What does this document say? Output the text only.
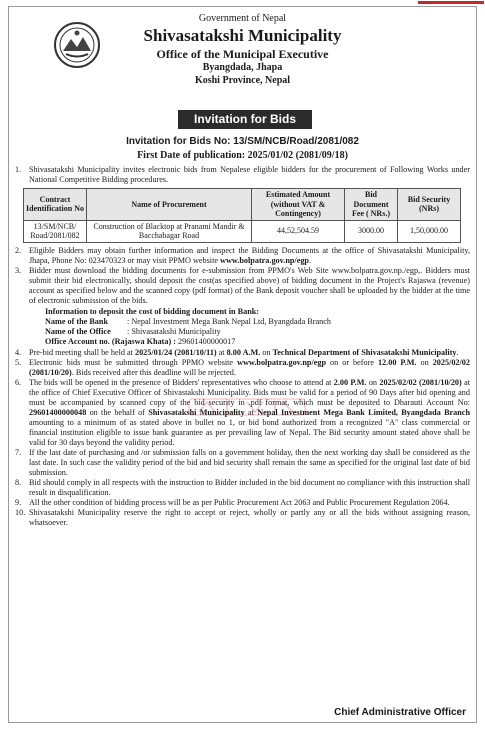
Government of Nepal
Shivasatakshi Municipality
Office of the Municipal Executive
Byangdada, Jhapa
Koshi Province, Nepal
Invitation for Bids
Invitation for Bids No: 13/SM/NCB/Road/2081/082
First Date of publication: 2025/01/02 (2081/09/18)
1. Shivasatakshi Municipality invites electronic bids from Nepalese eligible bidders for the procurement of Following Works under National Competitive Bidding procedures.
Contract Identification No	Name of Procurement	Estimated Amount (without VAT & Contingency)	Bid Document Fee ( NRs.)	Bid Security (NRs)
13/SM/NCB/ Road/2081/082	Construction of Blacktop at Pranami Mandir & Bacchabagar Road	44,52,504.59	3000.00	1,50,000.00
2. Eligible Bidders may obtain further information and inspect the Bidding Documents at the office of Shivasatakshi Municipality, Jhapa, Phone No: 023470323 or may visit PPMO website www.bolpatra.gov.np/egp.
3. Bidder must download the bidding documents for e-submission from PPMO's Web Site www.bolpatra.gov.np./egp,. Bidders must submit their bid electronically, should deposit the cost(as specified above) of bidding document in the Project's Rajaswa (revenue) account as specified below and the scanned copy (pdf format) of the Bank deposit voucher shall be uploaded by the bidder at the time of electronic submission of the bids.
Information to deposit the cost of bidding document in Bank:
Name of the Bank : Nepal Investment Mega Bank Nepal Ltd, Byangdada Branch
Name of the Office : Shivasatakshi Municipality
Office Account no. (Rajaswa Khata) : 29601400000017
4. Pre-bid meeting shall be held at 2025/01/24 (2081/10/11) at 8.00 A.M. on Technical Department of Shivasatakshi Municipality.
5. Electronic bids must be submitted through PPMO website www.bolpatra.gov.np/egp on or before 12.00 P.M. on 2025/02/02 (2081/10/20). Bids received after this deadline will be rejected.
6. The bids will be opened in the presence of Bidders' representatives who choose to attend at 2.00 P.M. on 2025/02/02 (2081/10/20) at the office of Chief Executive Officer of Shivastakshi Municipality. Bids must be valid for a period of 90 Days after bid opening and must be accompanied by scanned copy of the bid security in .pdf format, which must be deposited to Dharauti Account No: 29601400000048 on the behalf of Shivasatakshi Municipality at Nepal Investment Mega Bank Limited, Byangdada Branch amounting to a minimum of as stated above in bullet no 1, or bid bond authorized from a recognized "A" class commercial or financial institution eligible to issue bank guarantee as per prevailing law of Nepal. The Bid security amount stated above shall be valid for 30 days beyond the validity period.
7. If the last date of purchasing and /or submission falls on a government holiday, then the next working day shall be considered as the last date. In such case the validity period of the bid and bid security shall remain the same as specified for the original last date of bid submission.
8. Bid should comply in all respects with the instruction to Bidder included in the bid document no compliance with this instruction shall result in disqualification.
9. All the other condition of bidding process will be as per Public Procurement Act 2063 and Public Procurement Regulation 2064.
10. Shivasatakshi Municipality reserve the right to accept or reject, wholly or partly any or all the bids without assigning reason, whatsoever.
Chief Administrative Officer
